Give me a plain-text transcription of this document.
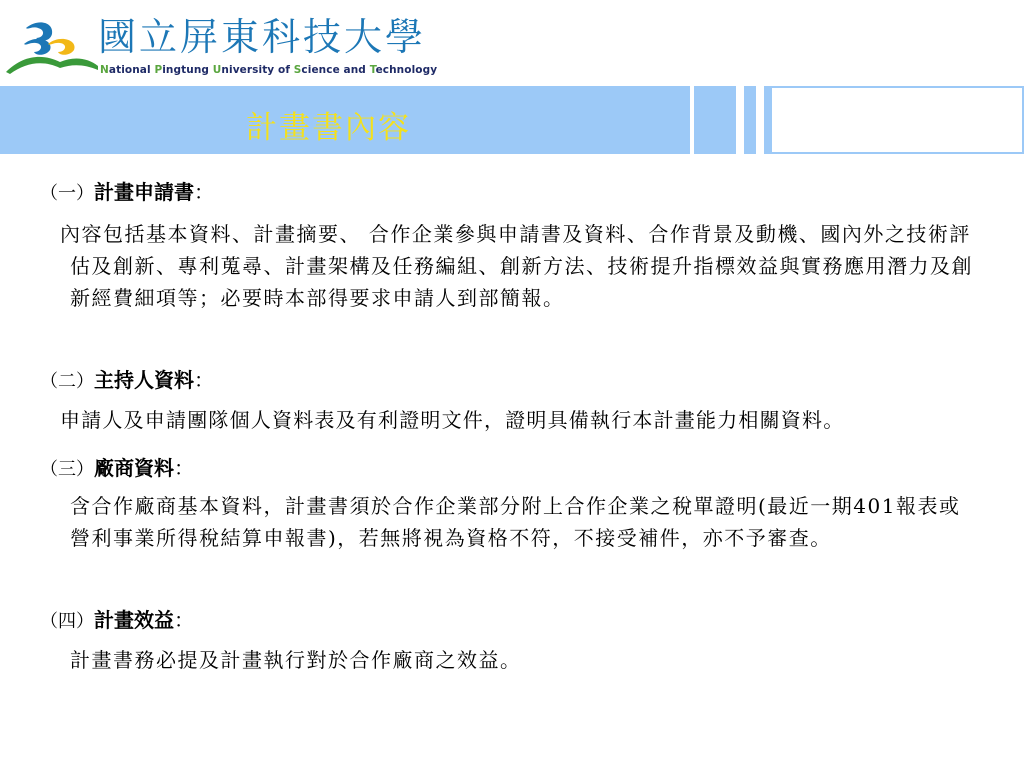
國立屏東科技大學
National Pingtung University of Science and Technology
計畫書內容
（一）計畫申請書：
內容包括基本資料、計畫摘要、 合作企業參與申請書及資料、合作背景及動機、國內外之技術評估及創新、專利蒐尋、計畫架構及任務編組、創新方法、技術提升指標效益與實務應用潛力及創新經費細項等；必要時本部得要求申請人到部簡報。
（二）主持人資料：
申請人及申請團隊個人資料表及有利證明文件，證明具備執行本計畫能力相關資料。
（三）廠商資料：
含合作廠商基本資料，計畫書須於合作企業部分附上合作企業之稅單證明(最近一期401報表或營利事業所得稅結算申報書)，若無將視為資格不符，不接受補件，亦不予審查。
（四）計畫效益：
計畫書務必提及計畫執行對於合作廠商之效益。
